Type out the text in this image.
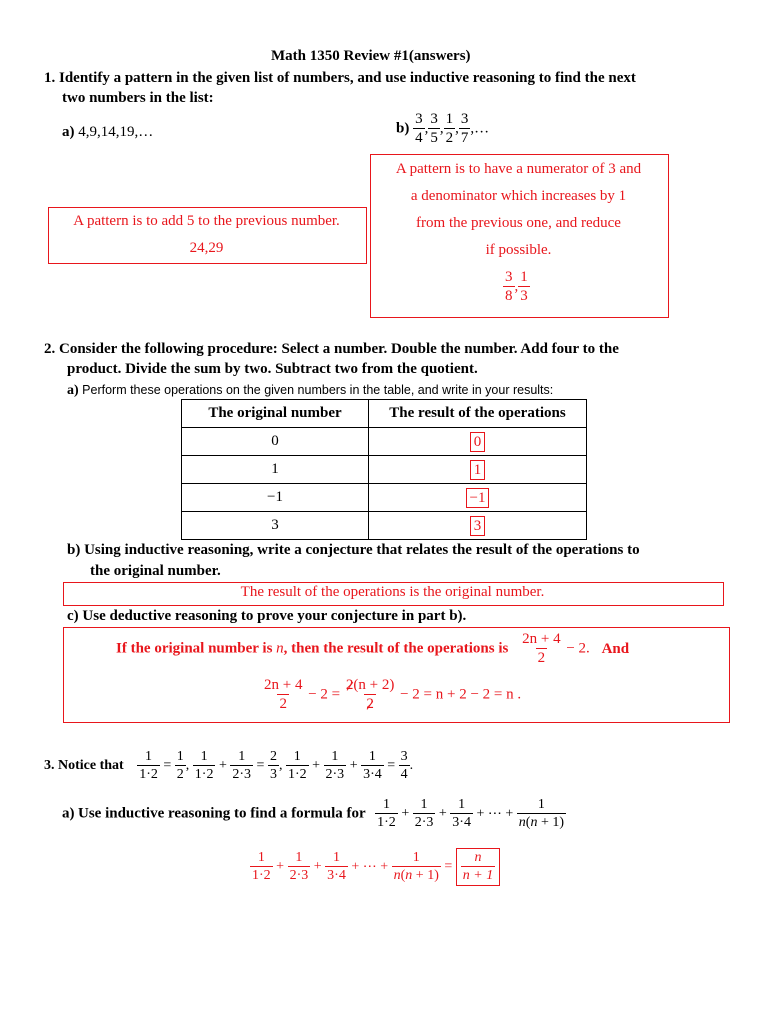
Math 1350 Review #1(answers)
1. Identify a pattern in the given list of numbers, and use inductive reasoning to find the next
two numbers in the list:
a) 4,9,14,19,…	$b) \frac{3}{4}$ , $\frac{3}{5}$ , $\frac{1}{2}$ , $\frac{3}{7}$ ,…
A pattern is to add 5 to the previous number.
24,29
A pattern is to have a numerator of 3 and
a denominator which increases by 1
from the previous one, and reduce
if possible.
$\frac{3}{8}$ , $\frac{1}{3}$
2. Consider the following procedure: Select a number. Double the number. Add four to the
product. Divide the sum by two. Subtract two from the quotient.
a) Perform these operations on the given numbers in the table, and write in your results:
The original number	The result of the operations
0	0
1	1
−1	−1
3	3
b) Using inductive reasoning, write a conjecture that relates the result of the operations to
the original number.
The result of the operations is the original number.
c) Use deductive reasoning to prove your conjecture in part b).
If the original number is n, then the result of the operations is $\frac{2n + 4}{2} - 2$. And
$\frac{2n + 4}{2} - 2 = \frac{2(n + 2)}{2} - 2 = n + 2 - 2 = n$ .
3. Notice that $\frac{1}{1\cdot 2} = \frac{1}{2}$ , $\frac{1}{1\cdot 2} + \frac{1}{2\cdot 3} = \frac{2}{3}$ , $\frac{1}{1\cdot 2} + \frac{1}{2\cdot 3} + \frac{1}{3\cdot 4} = \frac{3}{4}$ .
a) Use inductive reasoning to find a formula for $\frac{1}{1\cdot 2} + \frac{1}{2\cdot 3} + \frac{1}{3\cdot 4}$ + ⋯ + $\frac{1}{n(n + 1)}$
$\frac{1}{1\cdot 2} + \frac{1}{2\cdot 3} + \frac{1}{3\cdot 4}$ + ⋯ + $\frac{1}{n(n + 1)} = \frac{n}{n + 1}$
